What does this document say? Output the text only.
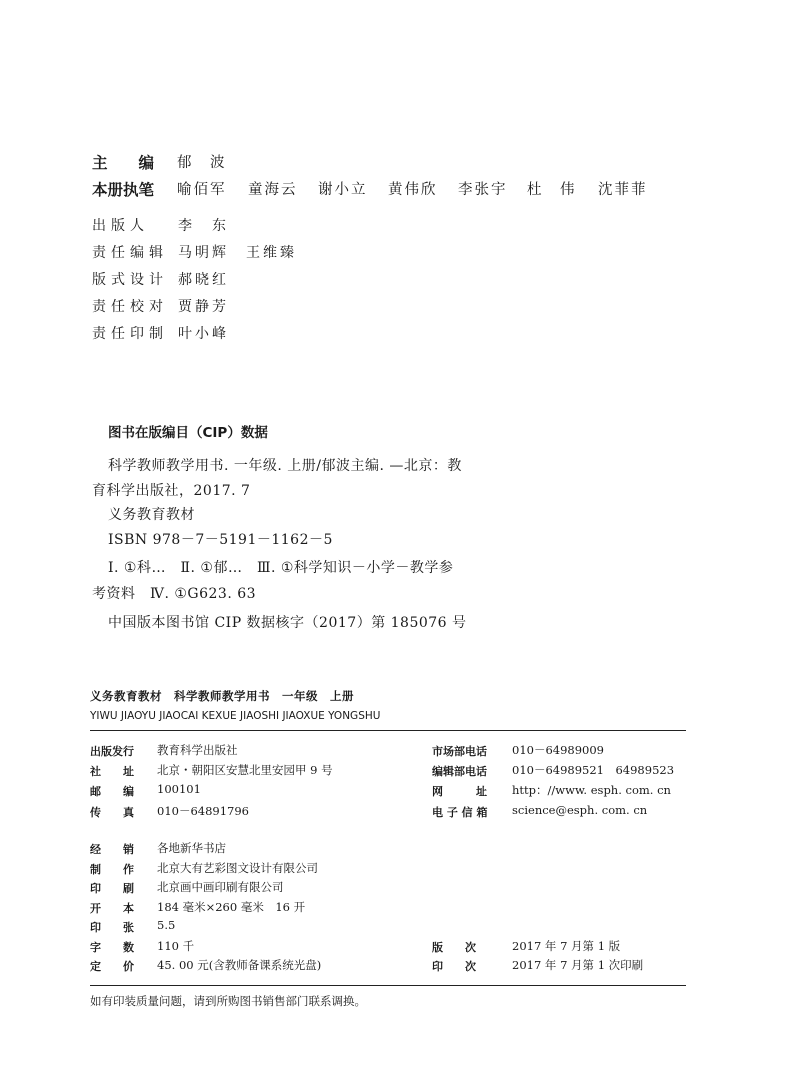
主　　编 郁　波
本册执笔 喻佰军 童海云 谢小立 黄伟欣 李张宇 杜　伟 沈菲菲
出版人 李　东
责任编辑 马明辉　王维臻
版式设计 郝晓红
责任校对 贾静芳
责任印制 叶小峰
图书在版编目（CIP）数据
科学教师教学用书. 一年级. 上册/郁波主编. —北京：教
育科学出版社，2017. 7
义务教育教材
ISBN 978－7－5191－1162－5
Ⅰ. ①科…　Ⅱ. ①郁…　Ⅲ. ①科学知识－小学－教学参
考资料　Ⅳ. ①G623. 63
中国版本图书馆 CIP 数据核字（2017）第 185076 号
义务教育教材　科学教师教学用书　一年级　上册
YIWU JIAOYU JIAOCAI KEXUE JIAOSHI JIAOXUE YONGSHU
出版发行 教育科学出版社
社　　址 北京・朝阳区安慧北里安园甲 9 号
邮　　编 100101
传　　真 010－64891796
市场部电话 010－64989009
编辑部电话 010－64989521　64989523
网　　　址 http：//www. esph. com. cn
电 子 信 箱 science@esph. com. cn
经　　销 各地新华书店
制　　作 北京大有艺彩图文设计有限公司
印　　刷 北京画中画印刷有限公司
开　　本 184 毫米×260 毫米　16 开
印　　张 5.5
字　　数 110 千
定　　价 45. 00 元(含教师备课系统光盘)
版　　次	2017 年 7 月第 1 版
印　　次	2017 年 7 月第 1 次印刷
如有印装质量问题，请到所购图书销售部门联系调换。
